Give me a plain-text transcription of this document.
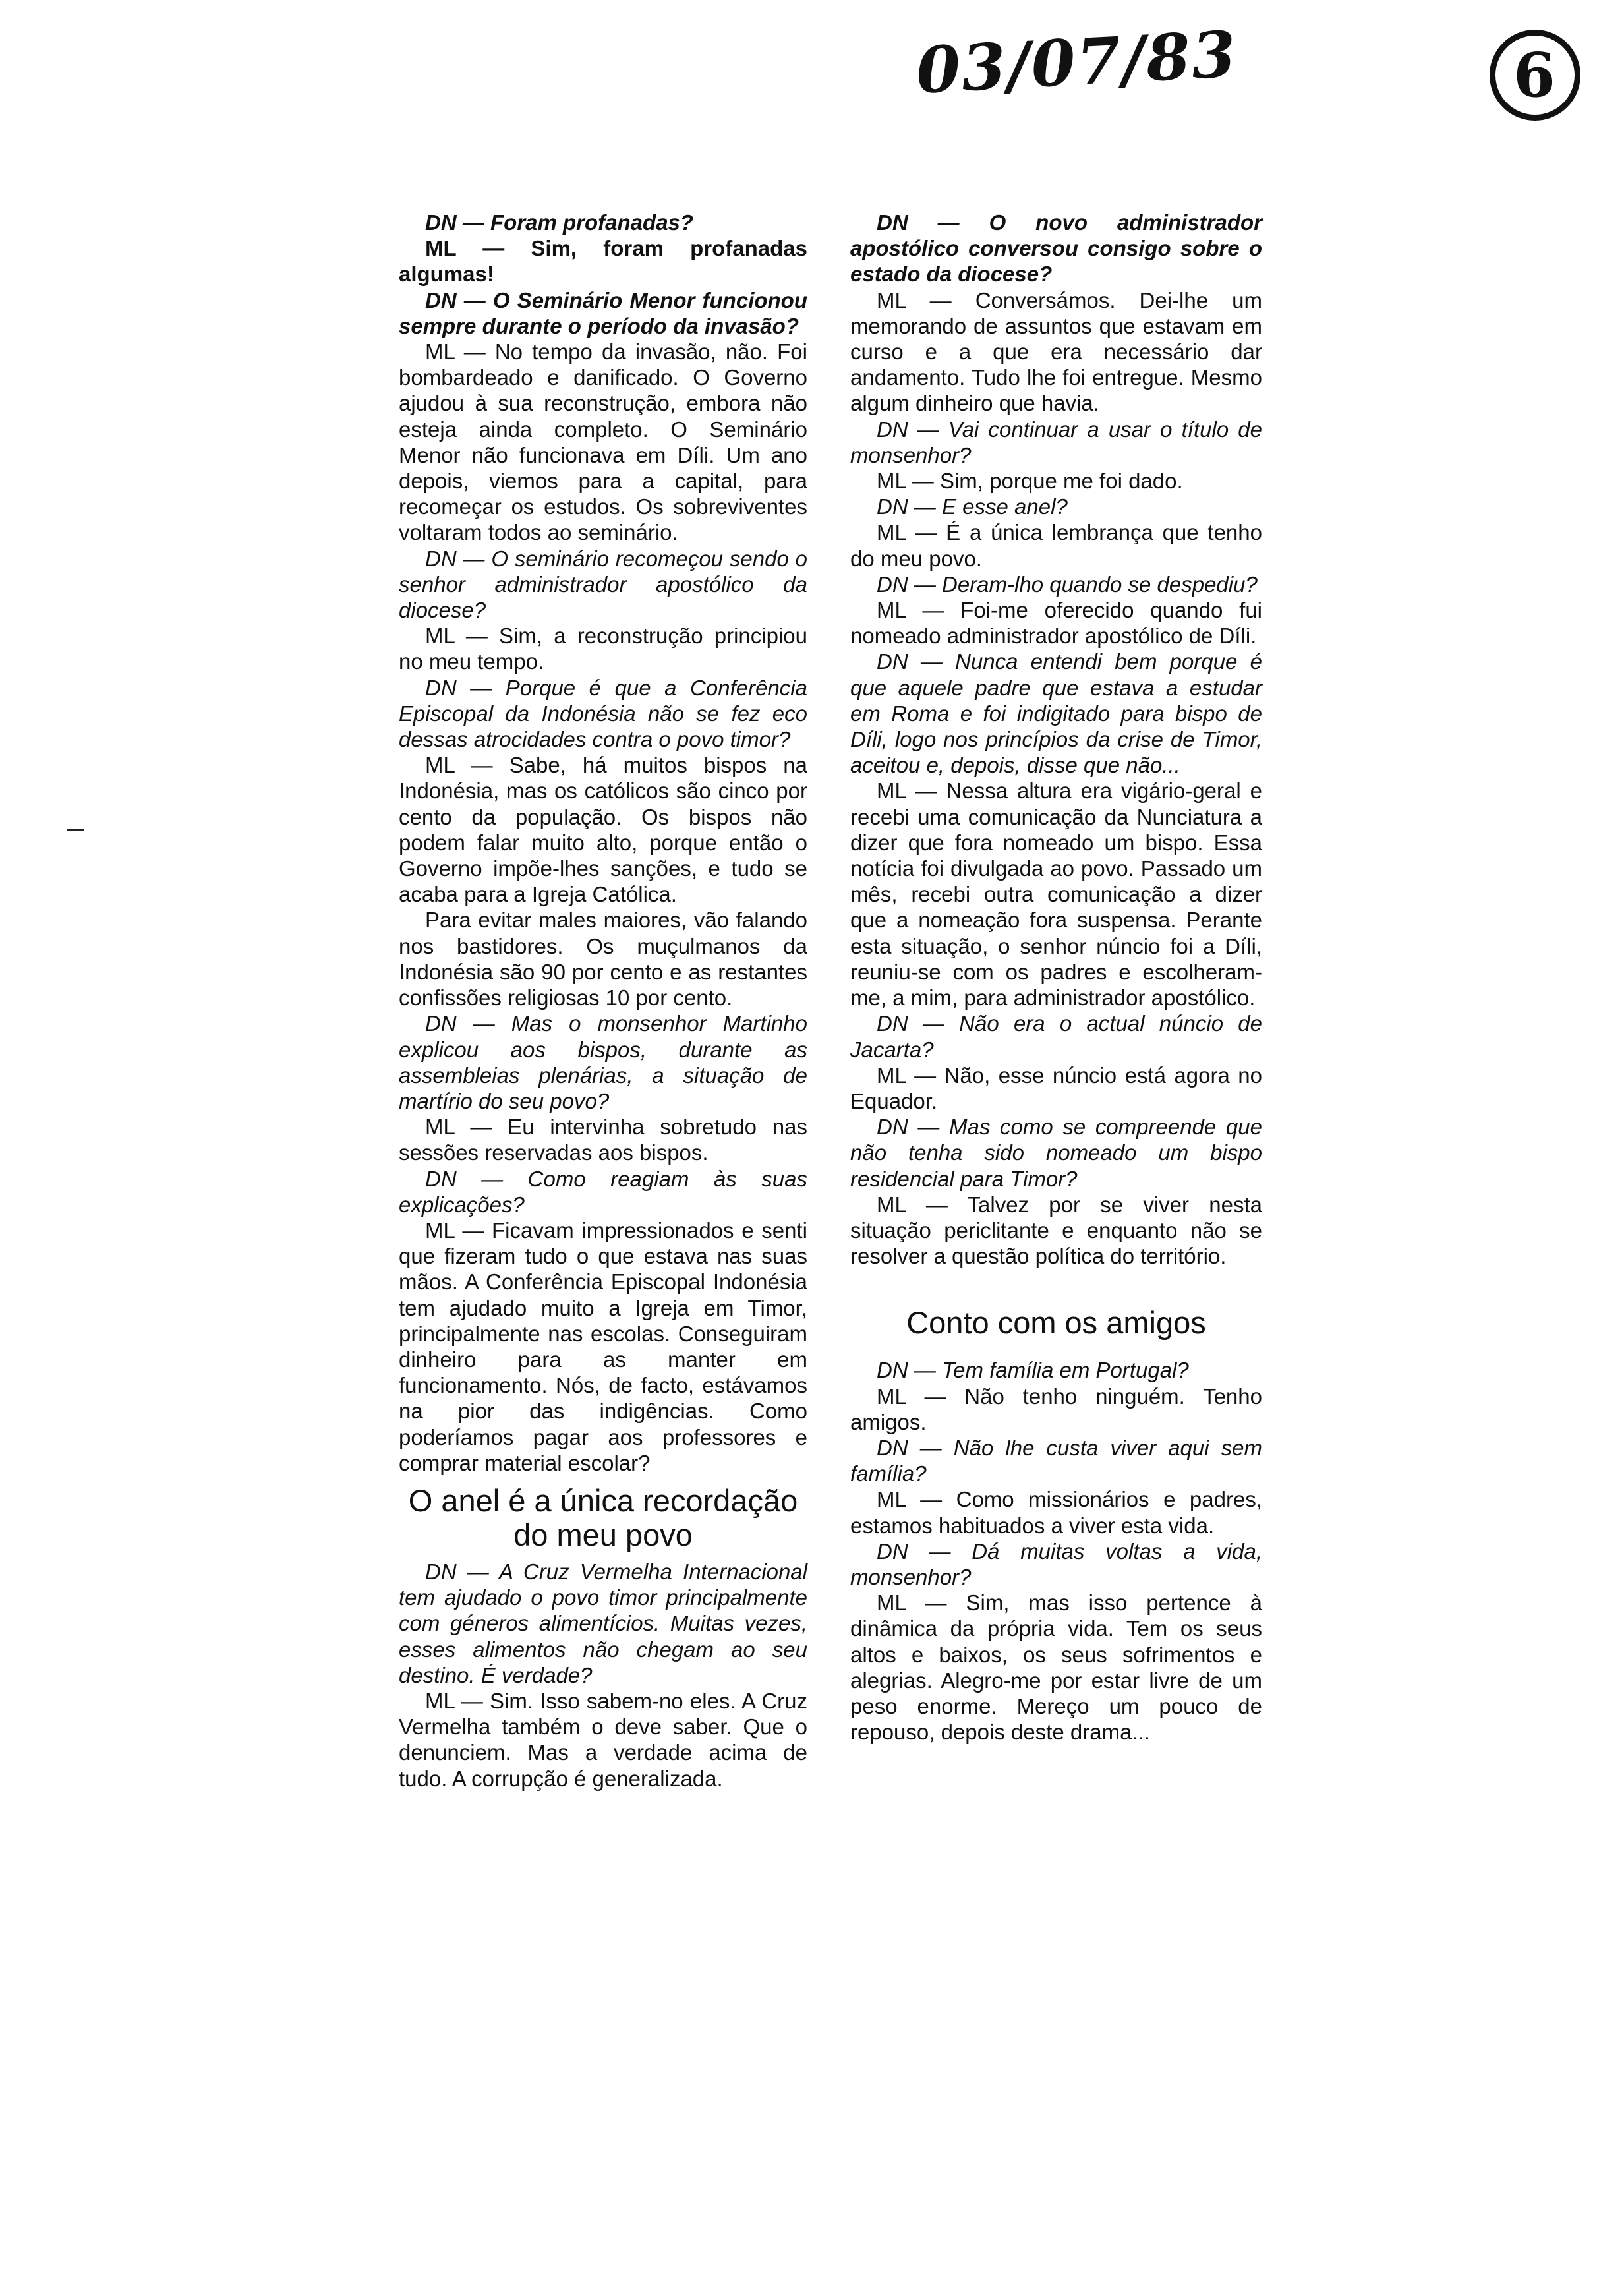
03/07/83	6

DN — Foram profanadas?

ML — Sim, foram profanadas algumas!

DN — O Seminário Menor funcionou sempre durante o período da invasão?

ML — No tempo da invasão, não. Foi bombardeado e danificado. O Governo ajudou à sua reconstrução, embora não esteja ainda completo. O Seminário Menor não funcionava em Díli. Um ano depois, viemos para a capital, para recomeçar os estudos. Os sobreviventes voltaram todos ao seminário.

DN — O seminário recomeçou sendo o senhor administrador apostólico da diocese?

ML — Sim, a reconstrução principiou no meu tempo.

DN — Porque é que a Conferência Episcopal da Indonésia não se fez eco dessas atrocidades contra o povo timor?

ML — Sabe, há muitos bispos na Indonésia, mas os católicos são cinco por cento da população. Os bispos não podem falar muito alto, porque então o Governo impõe-lhes sanções, e tudo se acaba para a Igreja Católica.

Para evitar males maiores, vão falando nos bastidores. Os muçulmanos da Indonésia são 90 por cento e as restantes confissões religiosas 10 por cento.

DN — Mas o monsenhor Martinho explicou aos bispos, durante as assembleias plenárias, a situação de martírio do seu povo?

ML — Eu intervinha sobretudo nas sessões reservadas aos bispos.

DN — Como reagiam às suas explicações?

ML — Ficavam impressionados e senti que fizeram tudo o que estava nas suas mãos. A Conferência Episcopal Indonésia tem ajudado muito a Igreja em Timor, principalmente nas escolas. Conseguiram dinheiro para as manter em funcionamento. Nós, de facto, estávamos na pior das indigências. Como poderíamos pagar aos professores e comprar material escolar?

O anel é a única recordação do meu povo

DN — A Cruz Vermelha Internacional tem ajudado o povo timor principalmente com géneros alimentícios. Muitas vezes, esses alimentos não chegam ao seu destino. É verdade?

ML — Sim. Isso sabem-no eles. A Cruz Vermelha também o deve saber. Que o denunciem. Mas a verdade acima de tudo. A corrupção é generalizada.

DN — O novo administrador apostólico conversou consigo sobre o estado da diocese?

ML — Conversámos. Dei-lhe um memorando de assuntos que estavam em curso e a que era necessário dar andamento. Tudo lhe foi entregue. Mesmo algum dinheiro que havia.

DN — Vai continuar a usar o título de monsenhor?

ML — Sim, porque me foi dado.

DN — E esse anel?

ML — É a única lembrança que tenho do meu povo.

DN — Deram-lho quando se despediu?

ML — Foi-me oferecido quando fui nomeado administrador apostólico de Díli.

DN — Nunca entendi bem porque é que aquele padre que estava a estudar em Roma e foi indigitado para bispo de Díli, logo nos princípios da crise de Timor, aceitou e, depois, disse que não...

ML — Nessa altura era vigário-geral e recebi uma comunicação da Nunciatura a dizer que fora nomeado um bispo. Essa notícia foi divulgada ao povo. Passado um mês, recebi outra comunicação a dizer que a nomeação fora suspensa. Perante esta situação, o senhor núncio foi a Díli, reuniu-se com os padres e escolheram-me, a mim, para administrador apostólico.

DN — Não era o actual núncio de Jacarta?

ML — Não, esse núncio está agora no Equador.

DN — Mas como se compreende que não tenha sido nomeado um bispo residencial para Timor?

ML — Talvez por se viver nesta situação periclitante e enquanto não se resolver a questão política do território.

Conto com os amigos

DN — Tem família em Portugal?

ML — Não tenho ninguém. Tenho amigos.

DN — Não lhe custa viver aqui sem família?

ML — Como missionários e padres, estamos habituados a viver esta vida.

DN — Dá muitas voltas a vida, monsenhor?

ML — Sim, mas isso pertence à dinâmica da própria vida. Tem os seus altos e baixos, os seus sofrimentos e alegrias. Alegro-me por estar livre de um peso enorme. Mereço um pouco de repouso, depois deste drama...
